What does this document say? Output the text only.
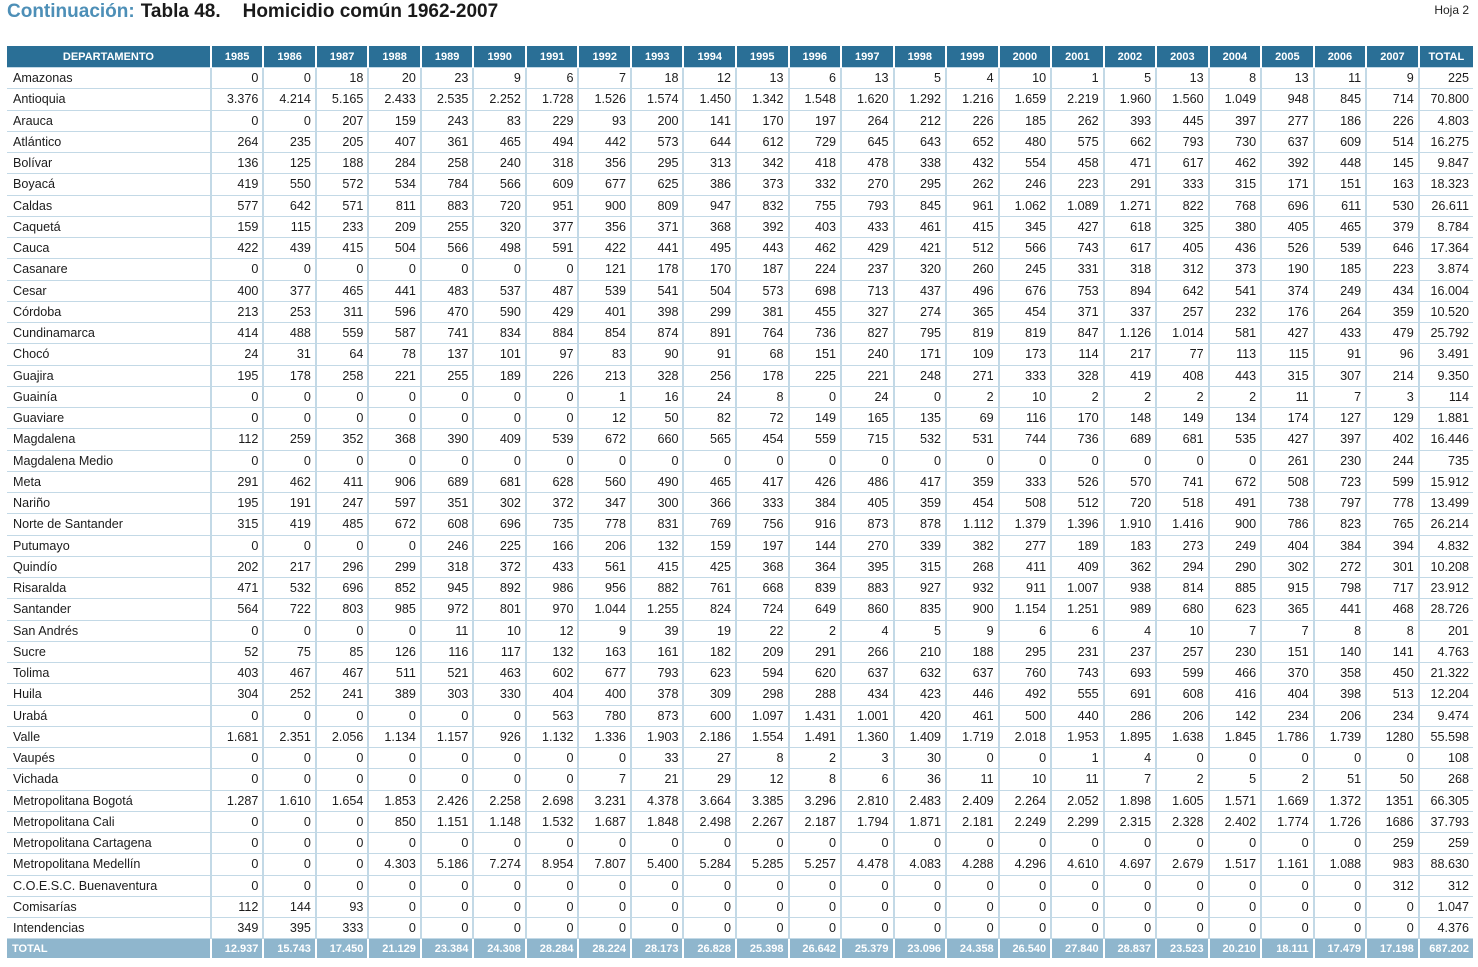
Continuación: Tabla 48. Homicidio común 1962-2007	Hoja 2
DEPARTAMENTO	1985	1986	1987	1988	1989	1990	1991	1992	1993	1994	1995	1996	1997	1998	1999	2000	2001	2002	2003	2004	2005	2006	2007	TOTAL
Amazonas	0	0	18	20	23	9	6	7	18	12	13	6	13	5	4	10	1	5	13	8	13	11	9	225
Antioquia	3.376	4.214	5.165	2.433	2.535	2.252	1.728	1.526	1.574	1.450	1.342	1.548	1.620	1.292	1.216	1.659	2.219	1.960	1.560	1.049	948	845	714	70.800
Arauca	0	0	207	159	243	83	229	93	200	141	170	197	264	212	226	185	262	393	445	397	277	186	226	4.803
Atlántico	264	235	205	407	361	465	494	442	573	644	612	729	645	643	652	480	575	662	793	730	637	609	514	16.275
Bolívar	136	125	188	284	258	240	318	356	295	313	342	418	478	338	432	554	458	471	617	462	392	448	145	9.847
Boyacá	419	550	572	534	784	566	609	677	625	386	373	332	270	295	262	246	223	291	333	315	171	151	163	18.323
Caldas	577	642	571	811	883	720	951	900	809	947	832	755	793	845	961	1.062	1.089	1.271	822	768	696	611	530	26.611
Caquetá	159	115	233	209	255	320	377	356	371	368	392	403	433	461	415	345	427	618	325	380	405	465	379	8.784
Cauca	422	439	415	504	566	498	591	422	441	495	443	462	429	421	512	566	743	617	405	436	526	539	646	17.364
Casanare	0	0	0	0	0	0	0	121	178	170	187	224	237	320	260	245	331	318	312	373	190	185	223	3.874
Cesar	400	377	465	441	483	537	487	539	541	504	573	698	713	437	496	676	753	894	642	541	374	249	434	16.004
Córdoba	213	253	311	596	470	590	429	401	398	299	381	455	327	274	365	454	371	337	257	232	176	264	359	10.520
Cundinamarca	414	488	559	587	741	834	884	854	874	891	764	736	827	795	819	819	847	1.126	1.014	581	427	433	479	25.792
Chocó	24	31	64	78	137	101	97	83	90	91	68	151	240	171	109	173	114	217	77	113	115	91	96	3.491
Guajira	195	178	258	221	255	189	226	213	328	256	178	225	221	248	271	333	328	419	408	443	315	307	214	9.350
Guainía	0	0	0	0	0	0	0	1	16	24	8	0	24	0	2	10	2	2	2	2	11	7	3	114
Guaviare	0	0	0	0	0	0	0	12	50	82	72	149	165	135	69	116	170	148	149	134	174	127	129	1.881
Magdalena	112	259	352	368	390	409	539	672	660	565	454	559	715	532	531	744	736	689	681	535	427	397	402	16.446
Magdalena Medio	0	0	0	0	0	0	0	0	0	0	0	0	0	0	0	0	0	0	0	0	261	230	244	735
Meta	291	462	411	906	689	681	628	560	490	465	417	426	486	417	359	333	526	570	741	672	508	723	599	15.912
Nariño	195	191	247	597	351	302	372	347	300	366	333	384	405	359	454	508	512	720	518	491	738	797	778	13.499
Norte de Santander	315	419	485	672	608	696	735	778	831	769	756	916	873	878	1.112	1.379	1.396	1.910	1.416	900	786	823	765	26.214
Putumayo	0	0	0	0	246	225	166	206	132	159	197	144	270	339	382	277	189	183	273	249	404	384	394	4.832
Quindío	202	217	296	299	318	372	433	561	415	425	368	364	395	315	268	411	409	362	294	290	302	272	301	10.208
Risaralda	471	532	696	852	945	892	986	956	882	761	668	839	883	927	932	911	1.007	938	814	885	915	798	717	23.912
Santander	564	722	803	985	972	801	970	1.044	1.255	824	724	649	860	835	900	1.154	1.251	989	680	623	365	441	468	28.726
San Andrés	0	0	0	0	11	10	12	9	39	19	22	2	4	5	9	6	6	4	10	7	7	8	8	201
Sucre	52	75	85	126	116	117	132	163	161	182	209	291	266	210	188	295	231	237	257	230	151	140	141	4.763
Tolima	403	467	467	511	521	463	602	677	793	623	594	620	637	632	637	760	743	693	599	466	370	358	450	21.322
Huila	304	252	241	389	303	330	404	400	378	309	298	288	434	423	446	492	555	691	608	416	404	398	513	12.204
Urabá	0	0	0	0	0	0	563	780	873	600	1.097	1.431	1.001	420	461	500	440	286	206	142	234	206	234	9.474
Valle	1.681	2.351	2.056	1.134	1.157	926	1.132	1.336	1.903	2.186	1.554	1.491	1.360	1.409	1.719	2.018	1.953	1.895	1.638	1.845	1.786	1.739	1280	55.598
Vaupés	0	0	0	0	0	0	0	0	33	27	8	2	3	30	0	0	1	4	0	0	0	0	0	108
Vichada	0	0	0	0	0	0	0	7	21	29	12	8	6	36	11	10	11	7	2	5	2	51	50	268
Metropolitana Bogotá	1.287	1.610	1.654	1.853	2.426	2.258	2.698	3.231	4.378	3.664	3.385	3.296	2.810	2.483	2.409	2.264	2.052	1.898	1.605	1.571	1.669	1.372	1351	66.305
Metropolitana Cali	0	0	0	850	1.151	1.148	1.532	1.687	1.848	2.498	2.267	2.187	1.794	1.871	2.181	2.249	2.299	2.315	2.328	2.402	1.774	1.726	1686	37.793
Metropolitana Cartagena	0	0	0	0	0	0	0	0	0	0	0	0	0	0	0	0	0	0	0	0	0	0	259	259
Metropolitana Medellín	0	0	0	4.303	5.186	7.274	8.954	7.807	5.400	5.284	5.285	5.257	4.478	4.083	4.288	4.296	4.610	4.697	2.679	1.517	1.161	1.088	983	88.630
C.O.E.S.C. Buenaventura	0	0	0	0	0	0	0	0	0	0	0	0	0	0	0	0	0	0	0	0	0	0	312	312
Comisarías	112	144	93	0	0	0	0	0	0	0	0	0	0	0	0	0	0	0	0	0	0	0	0	1.047
Intendencias	349	395	333	0	0	0	0	0	0	0	0	0	0	0	0	0	0	0	0	0	0	0	0	4.376
TOTAL	12.937	15.743	17.450	21.129	23.384	24.308	28.284	28.224	28.173	26.828	25.398	26.642	25.379	23.096	24.358	26.540	27.840	28.837	23.523	20.210	18.111	17.479	17.198	687.202
